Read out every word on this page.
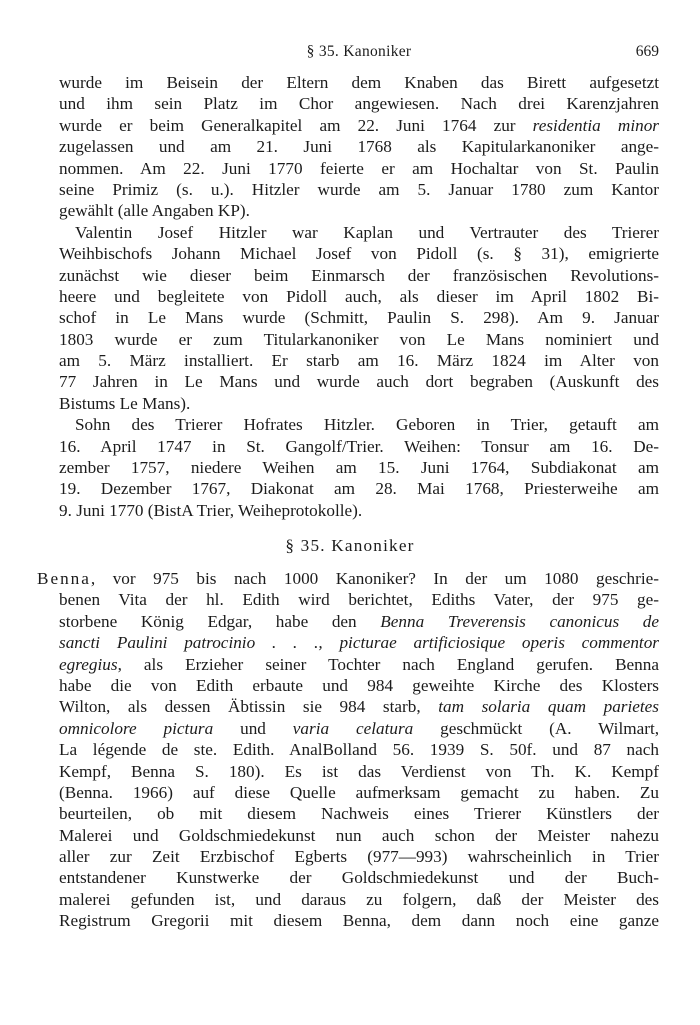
§ 35. Kanoniker	669
wurde im Beisein der Eltern dem Knaben das Birett aufgesetzt
und ihm sein Platz im Chor angewiesen. Nach drei Karenzjahren
wurde er beim Generalkapitel am 22. Juni 1764 zur residentia minor
zugelassen und am 21. Juni 1768 als Kapitularkanoniker ange-
nommen. Am 22. Juni 1770 feierte er am Hochaltar von St. Paulin
seine Primiz (s. u.). Hitzler wurde am 5. Januar 1780 zum Kantor
gewählt (alle Angaben KP).
Valentin Josef Hitzler war Kaplan und Vertrauter des Trierer
Weihbischofs Johann Michael Josef von Pidoll (s. § 31), emigrierte
zunächst wie dieser beim Einmarsch der französischen Revolutions-
heere und begleitete von Pidoll auch, als dieser im April 1802 Bi-
schof in Le Mans wurde (Schmitt, Paulin S. 298). Am 9. Januar
1803 wurde er zum Titularkanoniker von Le Mans nominiert und
am 5. März installiert. Er starb am 16. März 1824 im Alter von
77 Jahren in Le Mans und wurde auch dort begraben (Auskunft des
Bistums Le Mans).
Sohn des Trierer Hofrates Hitzler. Geboren in Trier, getauft am
16. April 1747 in St. Gangolf/Trier. Weihen: Tonsur am 16. De-
zember 1757, niedere Weihen am 15. Juni 1764, Subdiakonat am
19. Dezember 1767, Diakonat am 28. Mai 1768, Priesterweihe am
9. Juni 1770 (BistA Trier, Weiheprotokolle).
§ 35. Kanoniker
Benna, vor 975 bis nach 1000 Kanoniker? In der um 1080 geschrie-
benen Vita der hl. Edith wird berichtet, Ediths Vater, der 975 ge-
storbene König Edgar, habe den Benna Treverensis canonicus de
sancti Paulini patrocinio . . ., picturae artificiosique operis commentor
egregius, als Erzieher seiner Tochter nach England gerufen. Benna
habe die von Edith erbaute und 984 geweihte Kirche des Klosters
Wilton, als dessen Äbtissin sie 984 starb, tam solaria quam parietes
omnicolore pictura und varia celatura geschmückt (A. Wilmart,
La légende de ste. Edith. AnalBolland 56. 1939 S. 50f. und 87 nach
Kempf, Benna S. 180). Es ist das Verdienst von Th. K. Kempf
(Benna. 1966) auf diese Quelle aufmerksam gemacht zu haben. Zu
beurteilen, ob mit diesem Nachweis eines Trierer Künstlers der
Malerei und Goldschmiedekunst nun auch schon der Meister nahezu
aller zur Zeit Erzbischof Egberts (977—993) wahrscheinlich in Trier
entstandener Kunstwerke der Goldschmiedekunst und der Buch-
malerei gefunden ist, und daraus zu folgern, daß der Meister des
Registrum Gregorii mit diesem Benna, dem dann noch eine ganze
